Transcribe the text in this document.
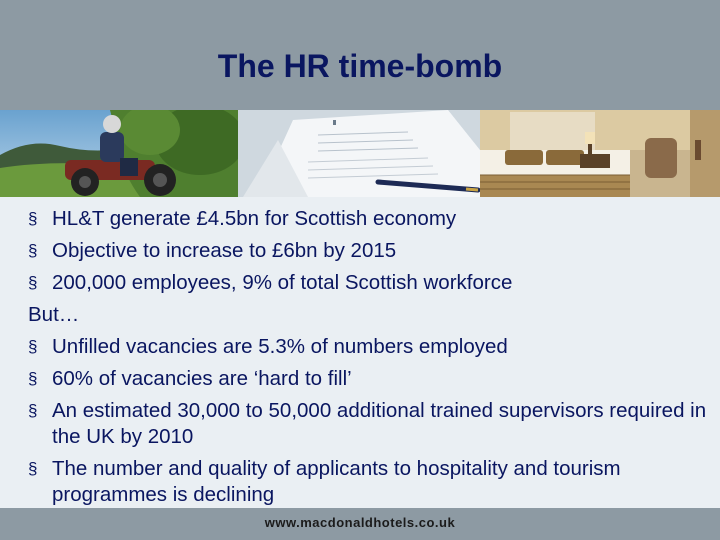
The HR time-bomb
§ HL&T generate £4.5bn for Scottish economy
§ Objective to increase to £6bn by 2015
§ 200,000 employees, 9% of total Scottish workforce
But…
§ Unfilled vacancies are 5.3% of numbers employed
§ 60% of vacancies are ‘hard to fill’
§ An estimated 30,000 to 50,000 additional trained supervisors required in the UK by 2010
§ The number and quality of applicants to hospitality and tourism programmes is declining
www.macdonaldhotels.co.uk
